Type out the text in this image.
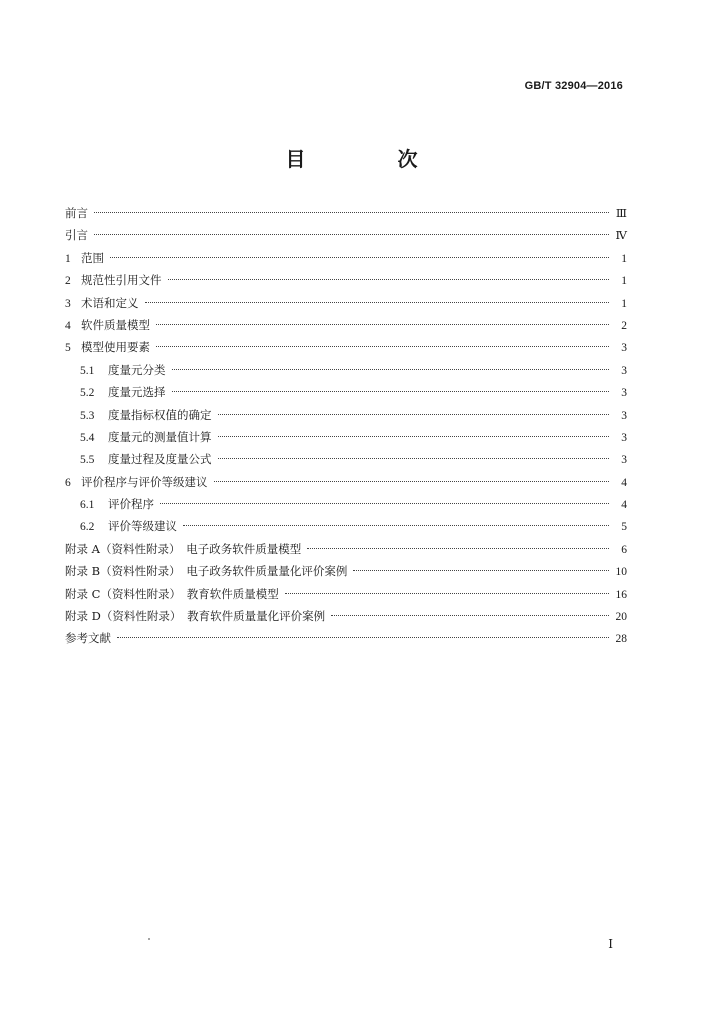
GB/T 32904—2016
目　次
前言	Ⅲ
引言	Ⅳ
1 范围	1
2 规范性引用文件	1
3 术语和定义	1
4 软件质量模型	2
5 模型使用要素	3
5.1	度量元分类	3
5.2	度量元选择	3
5.3	度量指标权值的确定	3
5.4	度量元的测量值计算	3
5.5	度量过程及度量公式	3
6 评价程序与评价等级建议	4
6.1	评价程序	4
6.2	评价等级建议	5
附录 A（资料性附录）　电子政务软件质量模型	6
附录 B（资料性附录）　电子政务软件质量量化评价案例	10
附录 C（资料性附录）　教育软件质量模型	16
附录 D（资料性附录）　教育软件质量量化评价案例	20
参考文献	28
Ⅰ
